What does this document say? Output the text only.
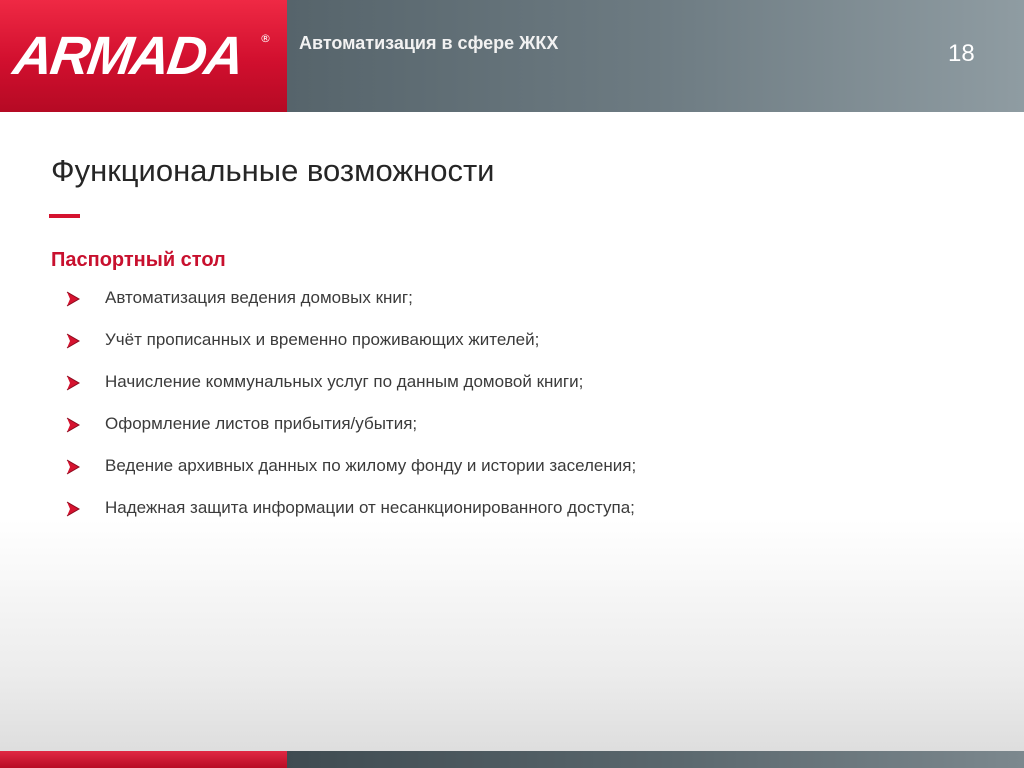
ARMADA ® Автоматизация в сфере ЖКХ	18
Функциональные возможности
Паспортный стол
Автоматизация ведения домовых книг;
Учёт прописанных и временно проживающих жителей;
Начисление коммунальных услуг по данным домовой книги;
Оформление листов прибытия/убытия;
Ведение архивных данных по жилому фонду и истории заселения;
Надежная защита информации от несанкционированного доступа;
